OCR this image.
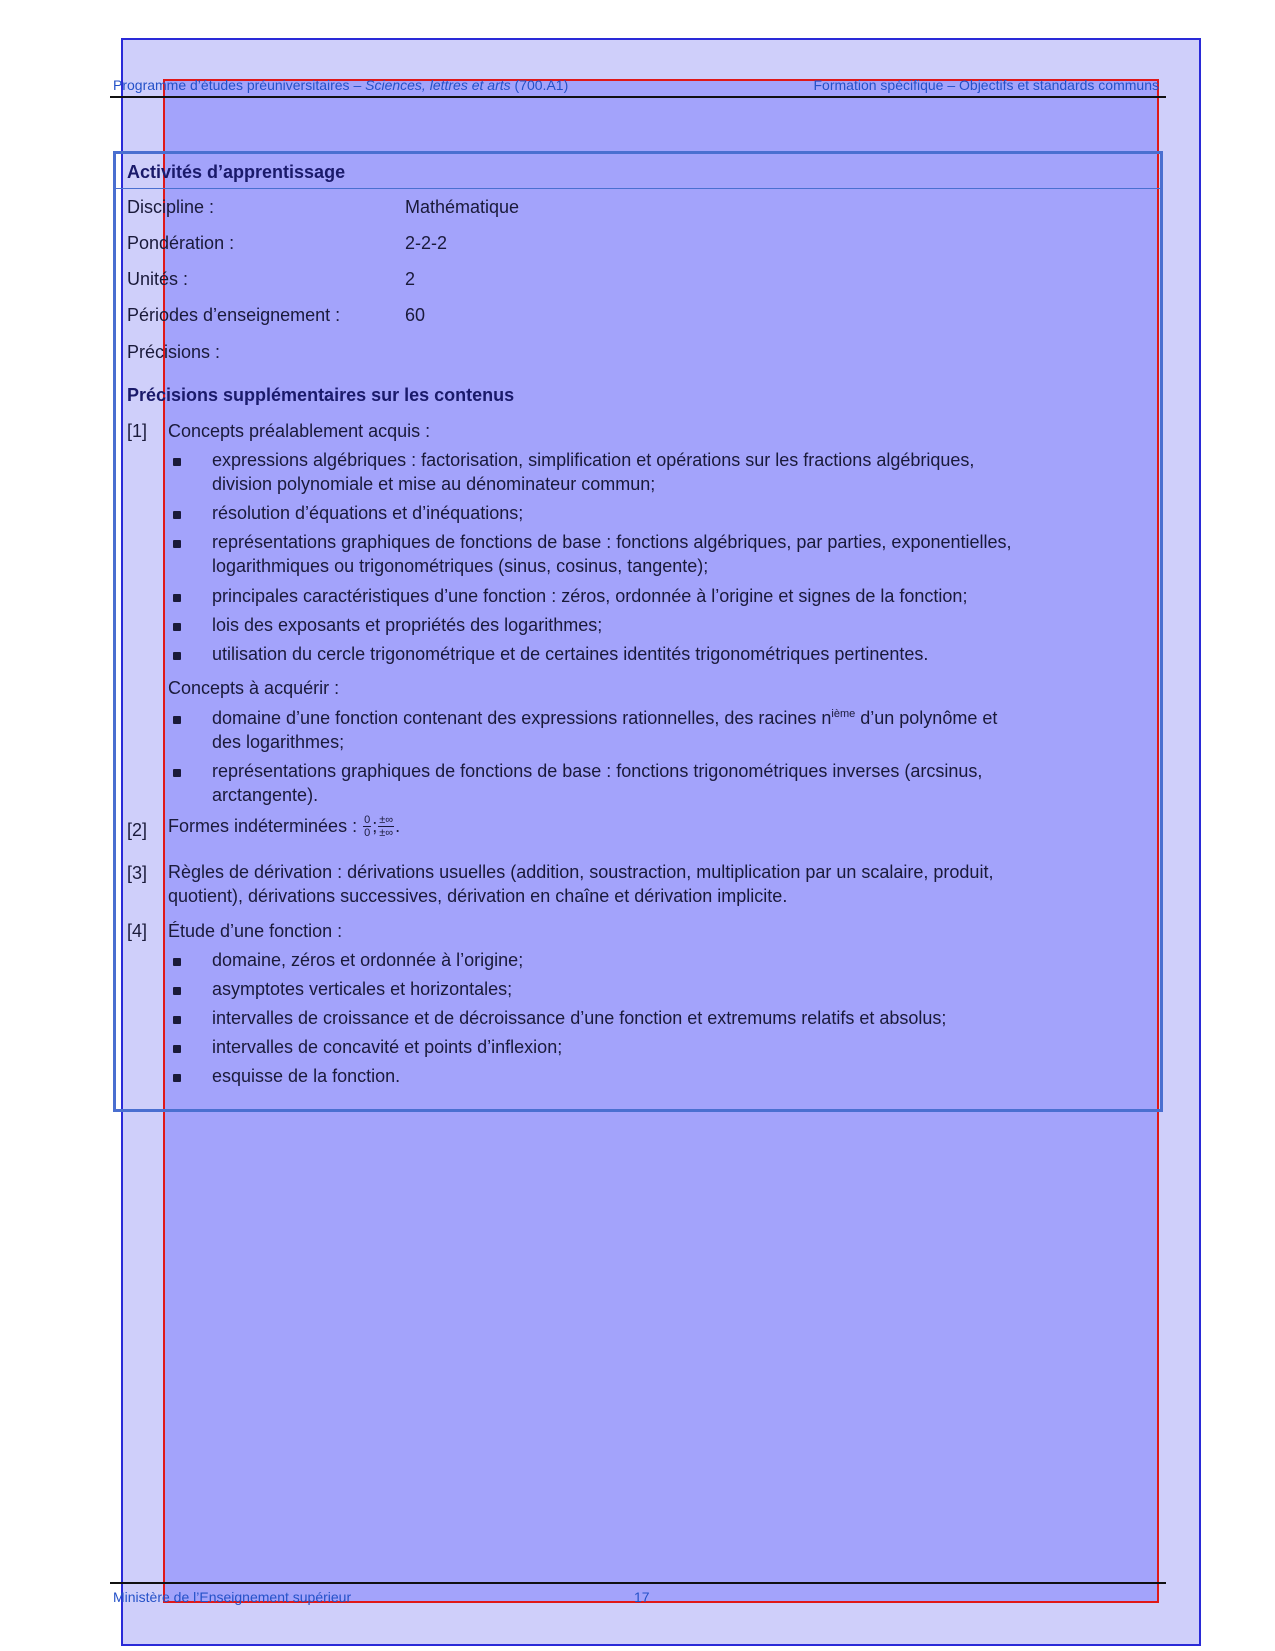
Programme d’études préuniversitaires – Sciences, lettres et arts (700.A1)	Formation spécifique – Objectifs et standards communs
Activités d’apprentissage
Discipline :	Mathématique
Pondération :	2-2-2
Unités :	2
Périodes d’enseignement :	60
Précisions :
Précisions supplémentaires sur les contenus
[1] Concepts préalablement acquis :
expressions algébriques : factorisation, simplification et opérations sur les fractions algébriques,
division polynomiale et mise au dénominateur commun;
résolution d’équations et d’inéquations;
représentations graphiques de fonctions de base : fonctions algébriques, par parties, exponentielles,
logarithmiques ou trigonométriques (sinus, cosinus, tangente);
principales caractéristiques d’une fonction : zéros, ordonnée à l’origine et signes de la fonction;
lois des exposants et propriétés des logarithmes;
utilisation du cercle trigonométrique et de certaines identités trigonométriques pertinentes.
Concepts à acquérir :
domaine d’une fonction contenant des expressions rationnelles, des racines $n^{ième}$ d’un polynôme et
des logarithmes;
représentations graphiques de fonctions de base : fonctions trigonométriques inverses (arcsinus,
arctangente).
[2] Formes indéterminées : $\frac{0}{0}$ ; $\frac{\pm\infty}{\pm\infty}$ .
[3] Règles de dérivation : dérivations usuelles (addition, soustraction, multiplication par un scalaire, produit,
quotient), dérivations successives, dérivation en chaîne et dérivation implicite.
[4] Étude d’une fonction :
domaine, zéros et ordonnée à l’origine;
asymptotes verticales et horizontales;
intervalles de croissance et de décroissance d’une fonction et extremums relatifs et absolus;
intervalles de concavité et points d’inflexion;
esquisse de la fonction.
Ministère de l’Enseignement supérieur	17
